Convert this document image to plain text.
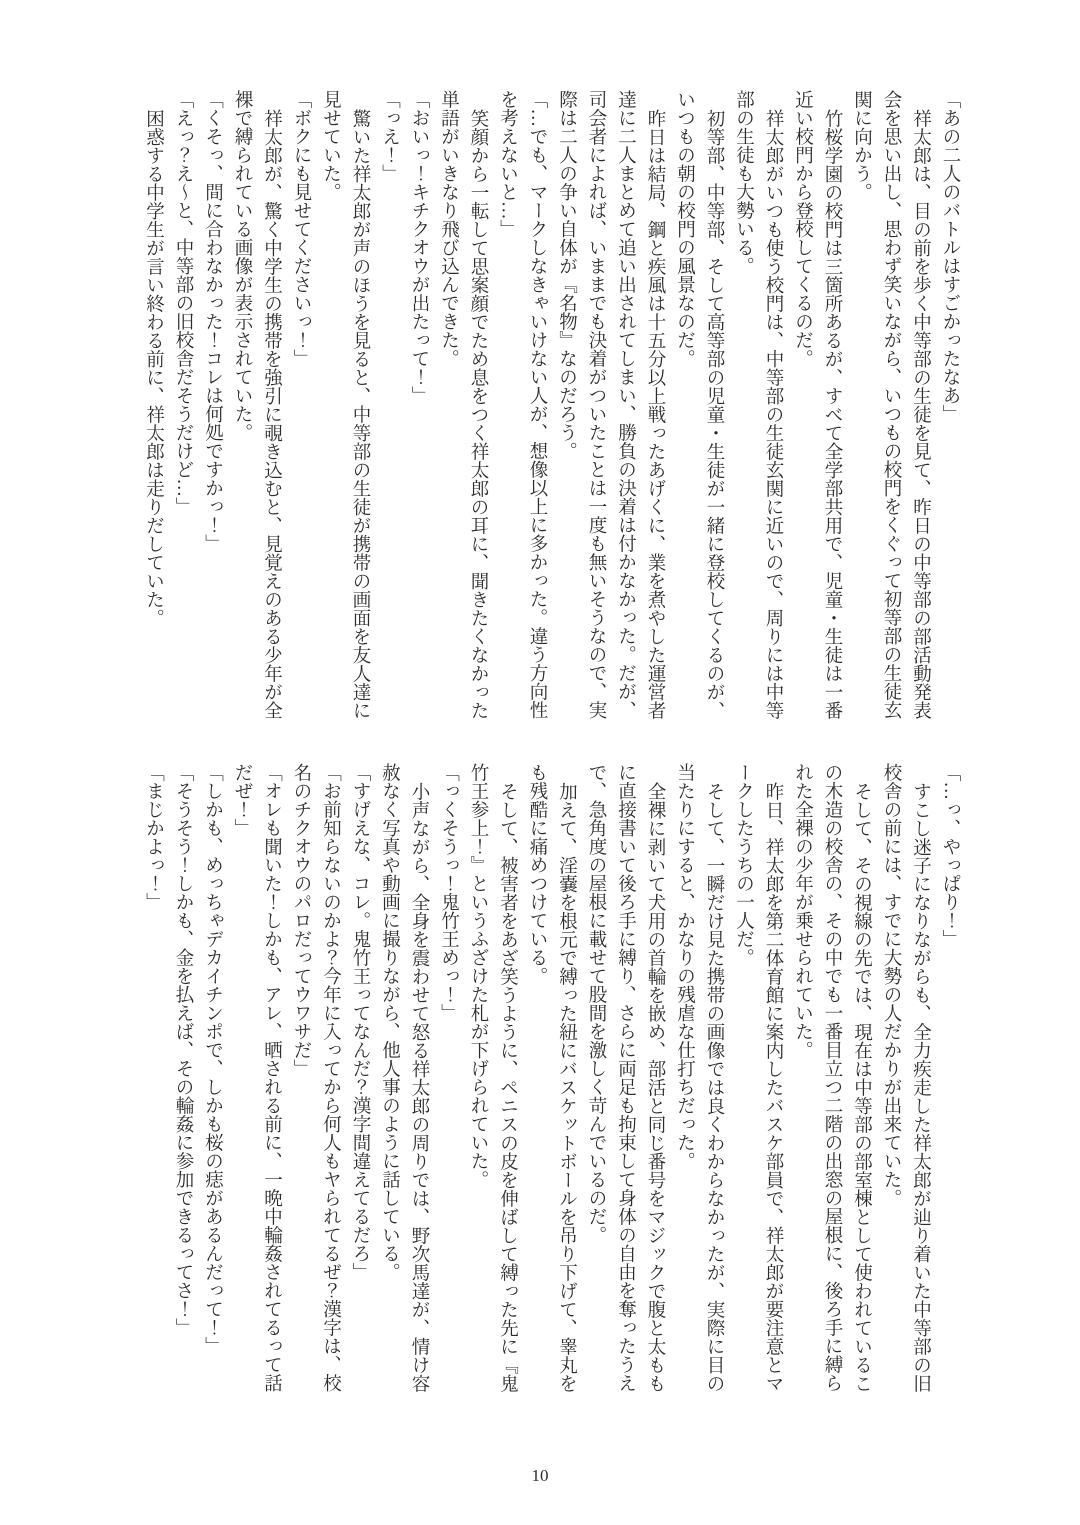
「あの二人のバトルはすごかったなあ」

祥太郎は、目の前を歩く中等部の生徒を見て、昨日の中等部の部活動発表

会を思い出し、思わず笑いながら、いつもの校門をくぐって初等部の生徒玄

関に向かう。

竹桜学園の校門は三箇所あるが、すべて全学部共用で、児童・生徒は一番

近い校門から登校してくるのだ。

祥太郎がいつも使う校門は、中等部の生徒玄関に近いので、周りには中等

部の生徒も大勢いる。

初等部、中等部、そして高等部の児童・生徒が一緒に登校してくるのが、

いつもの朝の校門の風景なのだ。

昨日は結局、鋼と疾風は十五分以上戦ったあげくに、業を煮やした運営者

達に二人まとめて追い出されてしまい、勝負の決着は付かなかった。だが、

司会者によれば、いままでも決着がついたことは一度も無いそうなので、実

際は二人の争い自体が『名物』なのだろう。

「…でも、マークしなきゃいけない人が、想像以上に多かった。違う方向性

を考えないと…」

笑顔から一転して思案顔でため息をつく祥太郎の耳に、聞きたくなかった

単語がいきなり飛び込んできた。

「おいっ！キチクオウが出たって！」

「っえ！」

驚いた祥太郎が声のほうを見ると、中等部の生徒が携帯の画面を友人達に

見せていた。

「ボクにも見せてくださいっ！」

祥太郎が、驚く中学生の携帯を強引に覗き込むと、見覚えのある少年が全

裸で縛られている画像が表示されていた。

「くそっ、間に合わなかった！コレは何処ですかっ！」

「えっ？え～と、中等部の旧校舎だそうだけど…」

困惑する中学生が言い終わる前に、祥太郎は走りだしていた。

「…っ、やっぱり！」

すこし迷子になりながらも、全力疾走した祥太郎が辿り着いた中等部の旧

校舎の前には、すでに大勢の人だかりが出来ていた。

そして、その視線の先では、現在は中等部の部室棟として使われているこ

の木造の校舎の、その中でも一番目立つ二階の出窓の屋根に、後ろ手に縛ら

れた全裸の少年が乗せられていた。

昨日、祥太郎を第二体育館に案内したバスケ部員で、祥太郎が要注意とマ

ークしたうちの一人だ。

そして、一瞬だけ見た携帯の画像では良くわからなかったが、実際に目の

当たりにすると、かなりの残虐な仕打ちだった。

全裸に剥いて犬用の首輪を嵌め、部活と同じ番号をマジックで腹と太もも

に直接書いて後ろ手に縛り、さらに両足も拘束して身体の自由を奪ったうえ

で、急角度の屋根に載せて股間を激しく苛んでいるのだ。

加えて、淫嚢を根元で縛った紐にバスケットボールを吊り下げて、睾丸を

も残酷に痛めつけている。

そして、被害者をあざ笑うように、ペニスの皮を伸ばして縛った先に『鬼

竹王参上！』というふざけた札が下げられていた。

「っくそうっ！鬼竹王めっ！」

小声ながら、全身を震わせて怒る祥太郎の周りでは、野次馬達が、情け容

赦なく写真や動画に撮りながら、他人事のように話している。

「すげえな、コレ。鬼竹王ってなんだ？漢字間違えてるだろ」

「お前知らないのかよ？今年に入ってから何人もヤられてるぜ？漢字は、校

名のチクオウのパロだってウワサだ」

「オレも聞いた！しかも、アレ、晒される前に、一晩中輪姦されてるって話

だぜ！」

「しかも、めっちゃデカイチンポで、しかも桜の痣があるんだって！」

「そうそう！しかも、金を払えば、その輪姦に参加できるってさ！」

「まじかよっ！」

10
